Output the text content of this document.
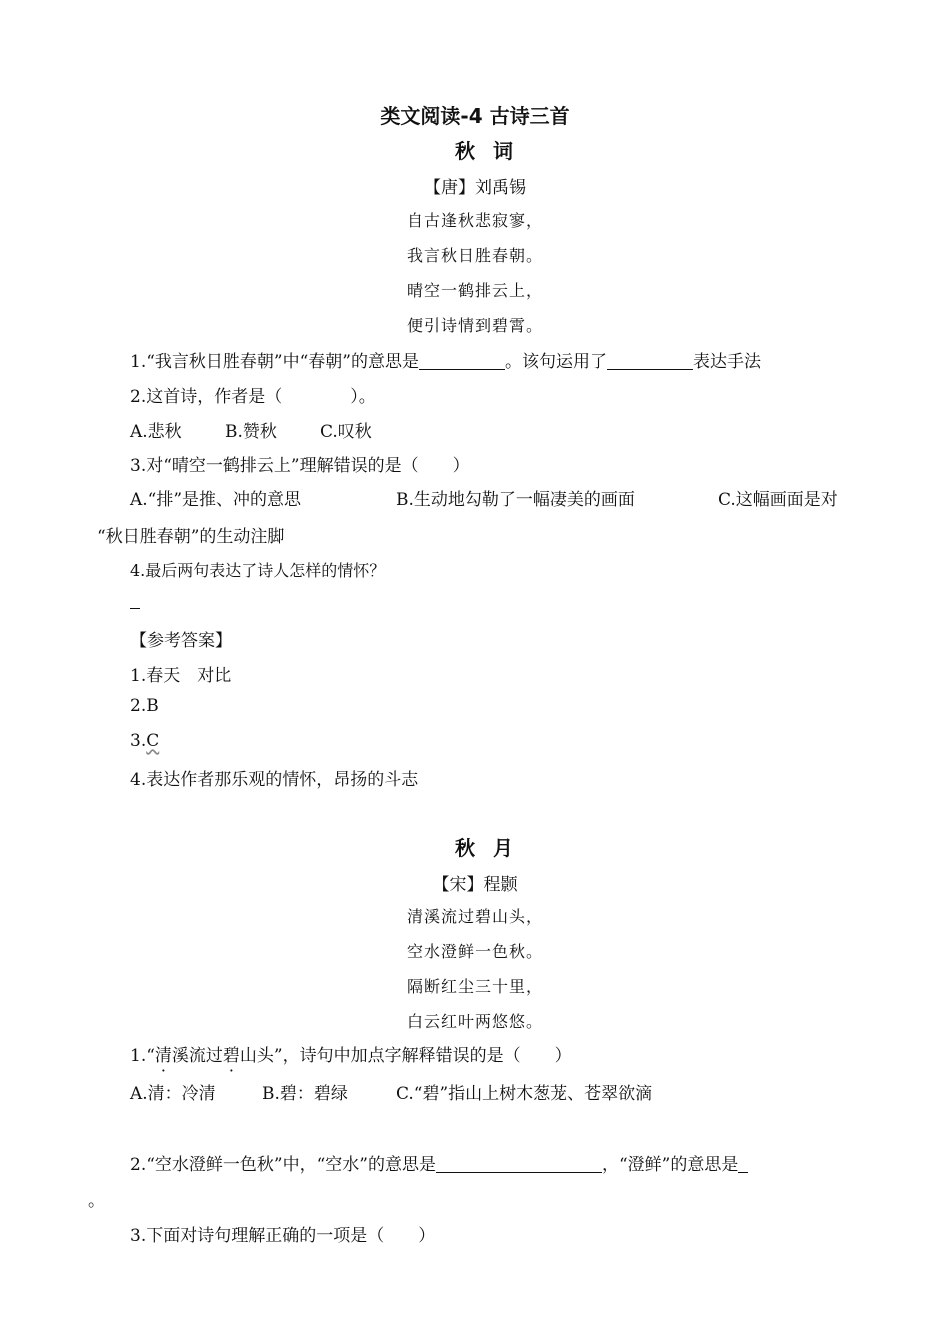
类文阅读-4 古诗三首
秋词
【唐】刘禹锡
自古逢秋悲寂寥，
我言秋日胜春朝。
晴空一鹤排云上，
便引诗情到碧霄。
1.“我言秋日胜春朝”中“春朝”的意思是	。该句运用了	表达手法
2.这首诗，作者是（　　　　）。
A.悲秋	B.赞秋	C.叹秋
3.对“晴空一鹤排云上”理解错误的是（　　）
A.“排”是推、冲的意思	B.生动地勾勒了一幅凄美的画面	C.这幅画面是对
“秋日胜春朝”的生动注脚
4.最后两句表达了诗人怎样的情怀？
【参考答案】
1.春天　对比
2.B
3.C
4.表达作者那乐观的情怀，昂扬的斗志
秋月
【宋】程颢
清溪流过碧山头，
空水澄鲜一色秋。
隔断红尘三十里，
白云红叶两悠悠。
1.“清溪流过碧山头”，诗句中加点字解释错误的是（　　）
A.清：冷清	B.碧：碧绿	C.“碧”指山上树木葱茏、苍翠欲滴
2.“空水澄鲜一色秋”中，“空水”的意思是	，“澄鲜”的意思是
。
3.下面对诗句理解正确的一项是（　　）
